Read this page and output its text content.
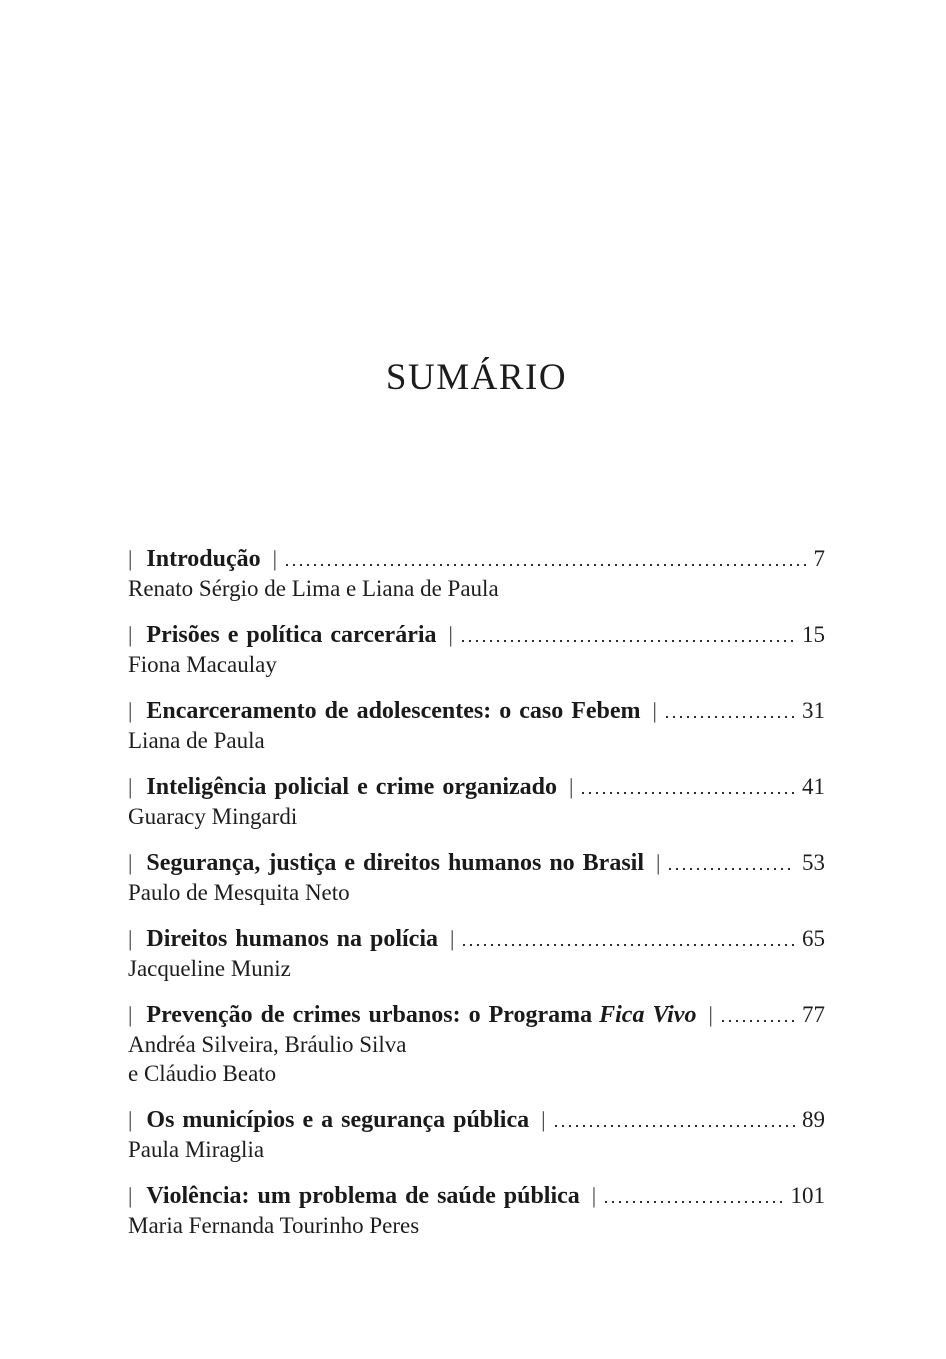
SUMÁRIO
| Introdução |	7
Renato Sérgio de Lima e Liana de Paula
| Prisões e política carcerária |	15
Fiona Macaulay
| Encarceramento de adolescentes: o caso Febem |	31
Liana de Paula
| Inteligência policial e crime organizado |	41
Guaracy Mingardi
| Segurança, justiça e direitos humanos no Brasil |	53
Paulo de Mesquita Neto
| Direitos humanos na polícia |	65
Jacqueline Muniz
| Prevenção de crimes urbanos: o Programa Fica Vivo |	77
Andréa Silveira, Bráulio Silva
e Cláudio Beato
| Os municípios e a segurança pública |	89
Paula Miraglia
| Violência: um problema de saúde pública |	101
Maria Fernanda Tourinho Peres
